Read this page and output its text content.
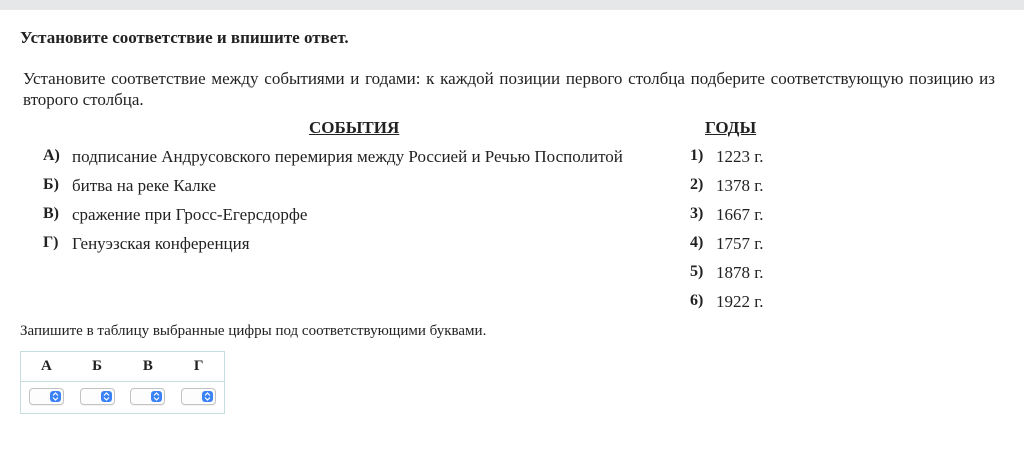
Установите соответствие и впишите ответ.
Установите соответствие между событиями и годами: к каждой позиции первого столбца подберите соответствующую позицию из второго столбца.
СОБЫТИЯ	ГОДЫ
А) подписание Андрусовского перемирия между Россией и Речью Посполитой
Б) битва на реке Калке
В) сражение при Гросс-Егерсдорфе
Г) Генуэзская конференция
1) 1223 г.
2) 1378 г.
3) 1667 г.
4) 1757 г.
5) 1878 г.
6) 1922 г.
Запишите в таблицу выбранные цифры под соответствующими буквами.
А	Б	В	Г
